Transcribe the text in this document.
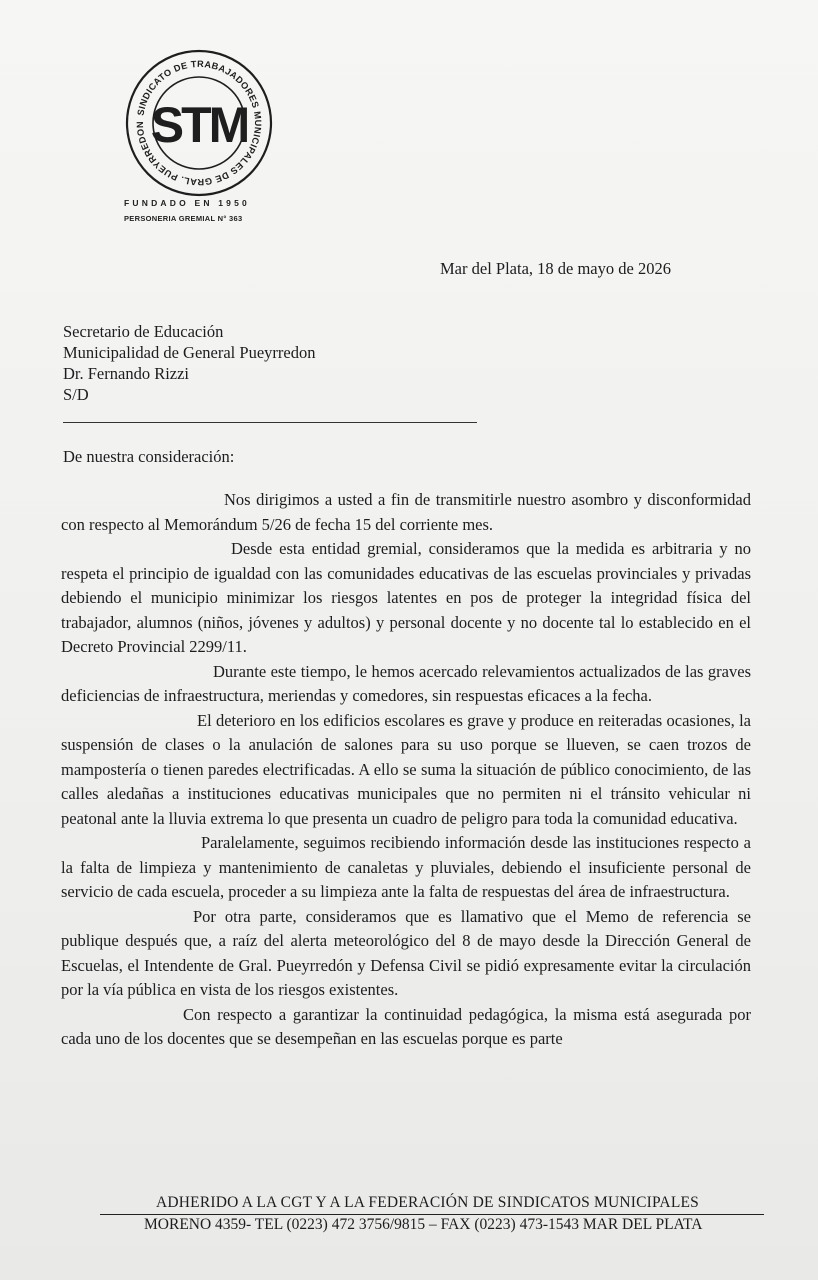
SINDICATO DE TRABAJADORES MUNICIPALES DE GRAL. PUEYRREDON STM
FUNDADO EN 1950
PERSONERIA GREMIAL N° 363
Mar del Plata, 18 de mayo de 2026
Secretario de Educación
Municipalidad de General Pueyrredon
Dr. Fernando Rizzi
S/D
De nuestra consideración:

Nos dirigimos a usted a fin de transmitirle nuestro asombro y disconformidad con respecto al Memorándum 5/26 de fecha 15 del corriente mes.

Desde esta entidad gremial, consideramos que la medida es arbitraria y no respeta el principio de igualdad con las comunidades educativas de las escuelas provinciales y privadas debiendo el municipio minimizar los riesgos latentes en pos de proteger la integridad física del trabajador, alumnos (niños, jóvenes y adultos) y personal docente y no docente tal lo establecido en el Decreto Provincial 2299/11.

Durante este tiempo, le hemos acercado relevamientos actualizados de las graves deficiencias de infraestructura, meriendas y comedores, sin respuestas eficaces a la fecha.

El deterioro en los edificios escolares es grave y produce en reiteradas ocasiones, la suspensión de clases o la anulación de salones para su uso porque se llueven, se caen trozos de mampostería o tienen paredes electrificadas. A ello se suma la situación de público conocimiento, de las calles aledañas a instituciones educativas municipales que no permiten ni el tránsito vehicular ni peatonal ante la lluvia extrema lo que presenta un cuadro de peligro para toda la comunidad educativa.

Paralelamente, seguimos recibiendo información desde las instituciones respecto a la falta de limpieza y mantenimiento de canaletas y pluviales, debiendo el insuficiente personal de servicio de cada escuela, proceder a su limpieza ante la falta de respuestas del área de infraestructura.

Por otra parte, consideramos que es llamativo que el Memo de referencia se publique después que, a raíz del alerta meteorológico del 8 de mayo desde la Dirección General de Escuelas, el Intendente de Gral. Pueyrredón y Defensa Civil se pidió expresamente evitar la circulación por la vía pública en vista de los riesgos existentes.

Con respecto a garantizar la continuidad pedagógica, la misma está asegurada por cada uno de los docentes que se desempeñan en las escuelas porque es parte

ADHERIDO A LA CGT Y A LA FEDERACIÓN DE SINDICATOS MUNICIPALES
MORENO 4359- TEL (0223) 472 3756/9815 – FAX (0223) 473-1543 MAR DEL PLATA
